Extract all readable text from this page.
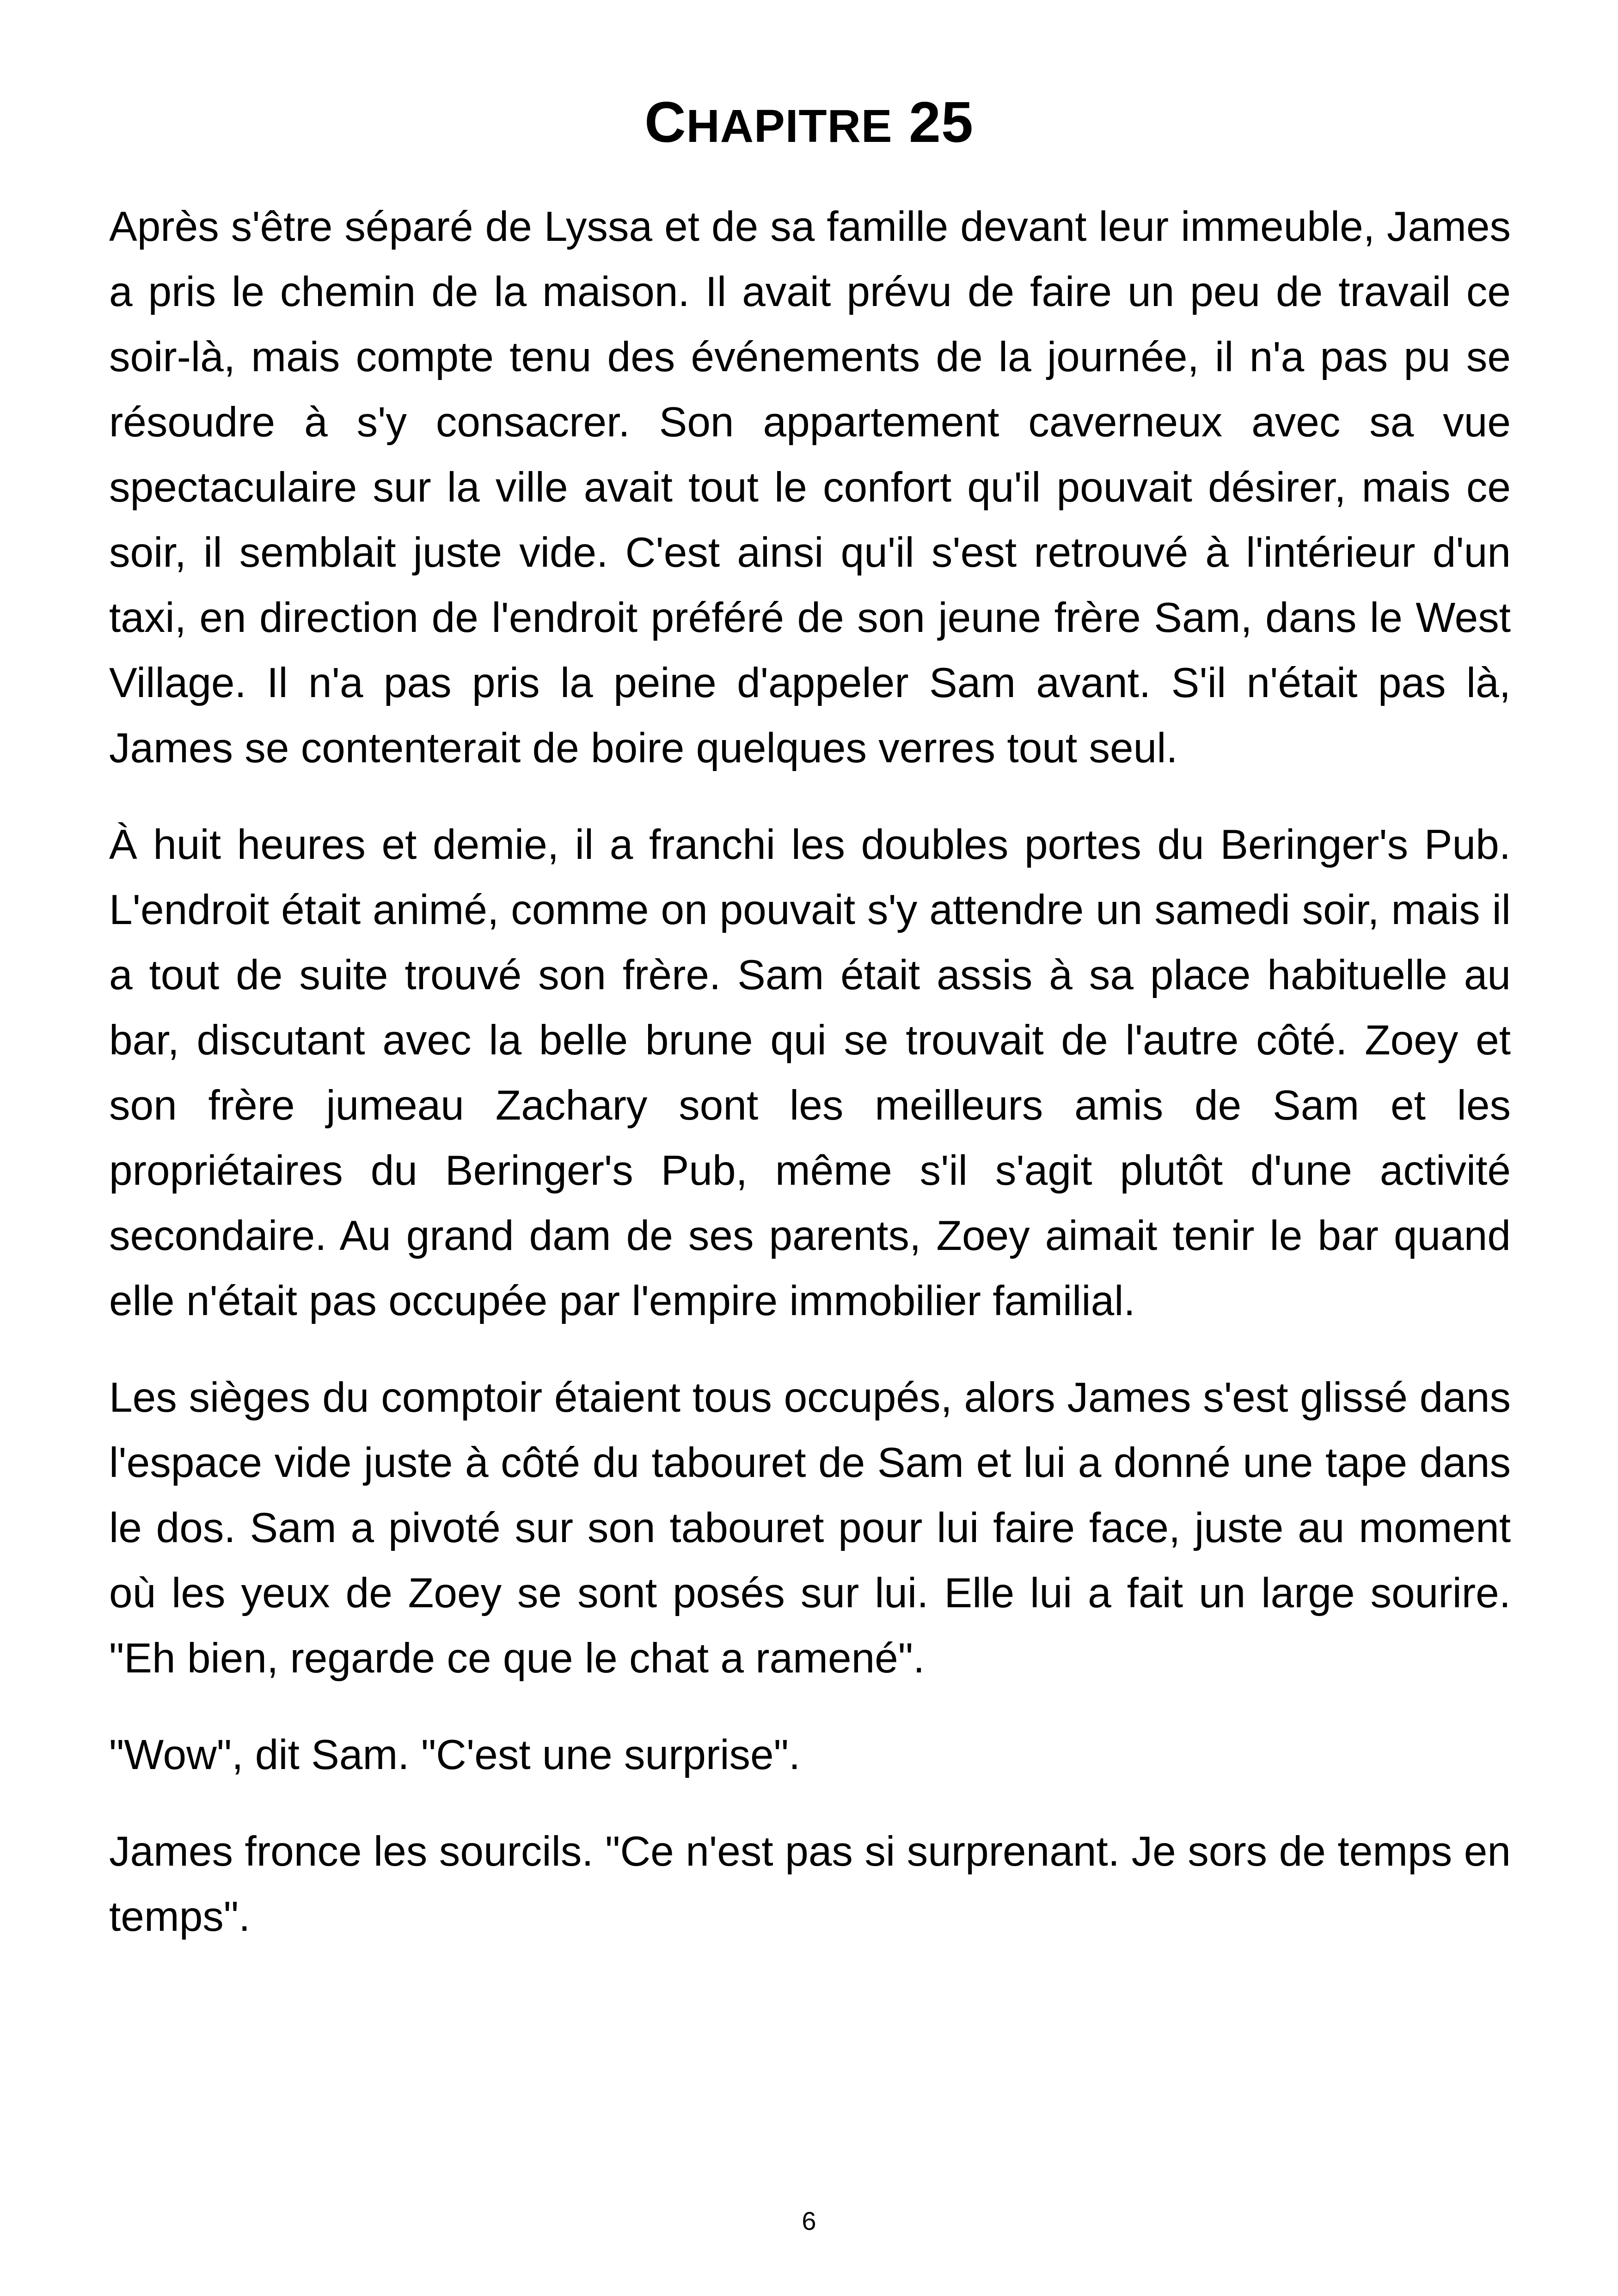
CHAPITRE 25

Après s'être séparé de Lyssa et de sa famille devant leur immeuble, James a pris le chemin de la maison. Il avait prévu de faire un peu de travail ce soir-là, mais compte tenu des événements de la journée, il n'a pas pu se résoudre à s'y consacrer. Son appartement caverneux avec sa vue spectaculaire sur la ville avait tout le confort qu'il pouvait désirer, mais ce soir, il semblait juste vide. C'est ainsi qu'il s'est retrouvé à l'intérieur d'un taxi, en direction de l'endroit préféré de son jeune frère Sam, dans le West Village. Il n'a pas pris la peine d'appeler Sam avant. S'il n'était pas là, James se contenterait de boire quelques verres tout seul.

À huit heures et demie, il a franchi les doubles portes du Beringer's Pub. L'endroit était animé, comme on pouvait s'y attendre un samedi soir, mais il a tout de suite trouvé son frère. Sam était assis à sa place habituelle au bar, discutant avec la belle brune qui se trouvait de l'autre côté. Zoey et son frère jumeau Zachary sont les meilleurs amis de Sam et les propriétaires du Beringer's Pub, même s'il s'agit plutôt d'une activité secondaire. Au grand dam de ses parents, Zoey aimait tenir le bar quand elle n'était pas occupée par l'empire immobilier familial.

Les sièges du comptoir étaient tous occupés, alors James s'est glissé dans l'espace vide juste à côté du tabouret de Sam et lui a donné une tape dans le dos. Sam a pivoté sur son tabouret pour lui faire face, juste au moment où les yeux de Zoey se sont posés sur lui. Elle lui a fait un large sourire. "Eh bien, regarde ce que le chat a ramené".

"Wow", dit Sam. "C'est une surprise".

James fronce les sourcils. "Ce n'est pas si surprenant. Je sors de temps en temps".

6
